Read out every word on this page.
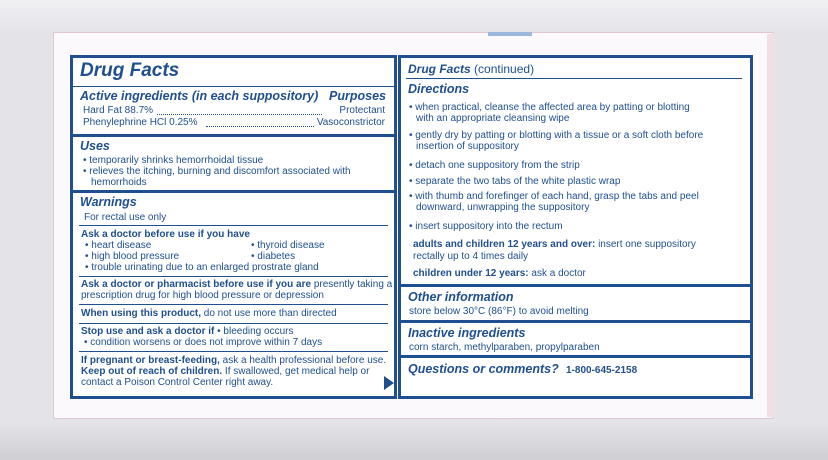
Drug Facts
Active ingredients (in each suppository) Purposes
Hard Fat 88.7%	Protectant
Phenylephrine HCl 0.25%	Vasoconstrictor
Uses
• temporarily shrinks hemorrhoidal tissue
• relieves the itching, burning and discomfort associated with
hemorrhoids
Warnings
For rectal use only
Ask a doctor before use if you have
• heart disease
• high blood pressure
• thyroid disease
• diabetes
• trouble urinating due to an enlarged prostrate gland
Ask a doctor or pharmacist before use if you are presently taking a
prescription drug for high blood pressure or depression
When using this product, do not use more than directed
Stop use and ask a doctor if • bleeding occurs
• condition worsens or does not improve within 7 days
If pregnant or breast-feeding, ask a health professional before use.
Keep out of reach of children. If swallowed, get medical help or
contact a Poison Control Center right away.
Drug Facts (continued)
Directions
• when practical, cleanse the affected area by patting or blotting
with an appropriate cleansing wipe
• gently dry by patting or blotting with a tissue or a soft cloth before
insertion of suppository
• detach one suppository from the strip
• separate the two tabs of the white plastic wrap
• with thumb and forefinger of each hand, grasp the tabs and peel
downward, unwrapping the suppository
• insert suppository into the rectum
adults and children 12 years and over: insert one suppository
rectally up to 4 times daily
children under 12 years: ask a doctor
Other information
store below 30°C (86°F) to avoid melting
Inactive ingredients
corn starch, methylparaben, propylparaben
Questions or comments? 1-800-645-2158
